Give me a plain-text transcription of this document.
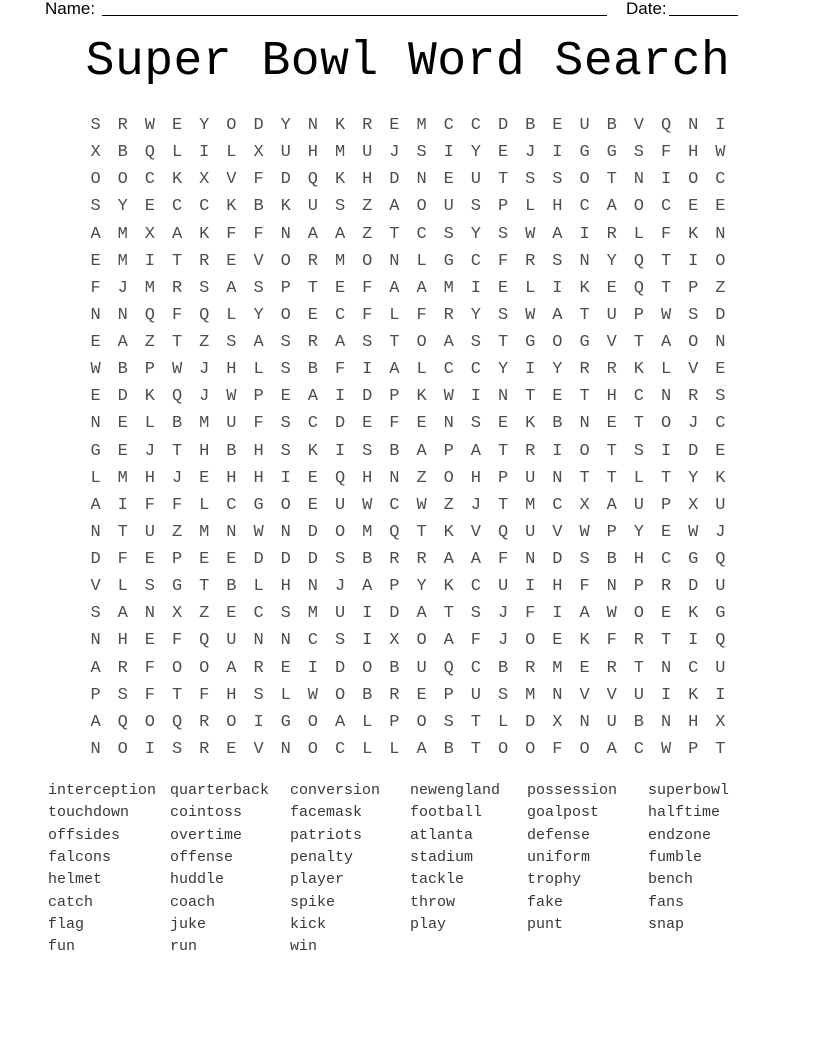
Name:	Date:
Super Bowl Word Search
S R W E Y O D Y N K R E M C C D B E U B V Q N I
X B Q L I L X U H M U J S I Y E J I G G S F H W
O O C K X V F D Q K H D N E U T S S O T N I O C
S Y E C C K B K U S Z A O U S P L H C A O C E E
A M X A K F F N A A Z T C S Y S W A I R L F K N
E M I T R E V O R M O N L G C F R S N Y Q T I O
F J M R S A S P T E F A A M I E L I K E Q T P Z
N N Q F Q L Y O E C F L F R Y S W A T U P W S D
E A Z T Z S A S R A S T O A S T G O G V T A O N
W B P W J H L S B F I A L C C Y I Y R R K L V E
E D K Q J W P E A I D P K W I N T E T H C N R S
N E L B M U F S C D E F E N S E K B N E T O J C
G E J T H B H S K I S B A P A T R I O T S I D E
L M H J E H H I E Q H N Z O H P U N T T L T Y K
A I F F L C G O E U W C W Z J T M C X A U P X U
N T U Z M N W N D O M Q T K V Q U V W P Y E W J
D F E P E E D D D S B R R A A F N D S B H C G Q
V L S G T B L H N J A P Y K C U I H F N P R D U
S A N X Z E C S M U I D A T S J F I A W O E K G
N H E F Q U N N C S I X O A F J O E K F R T I Q
A R F O O A R E I D O B U Q C B R M E R T N C U
P S F T F H S L W O B R E P U S M N V V U I K I
A Q O Q R O I G O A L P O S T L D X N U B N H X
N O I S R E V N O C L L A B T O O F O A C W P T
interception
touchdown
offsides
falcons
helmet
catch
flag
fun
quarterback
cointoss
overtime
offense
huddle
coach
juke
run
conversion
facemask
patriots
penalty
player
spike
kick
win
newengland
football
atlanta
stadium
tackle
throw
play
possession
goalpost
defense
uniform
trophy
fake
punt
superbowl
halftime
endzone
fumble
bench
fans
snap
